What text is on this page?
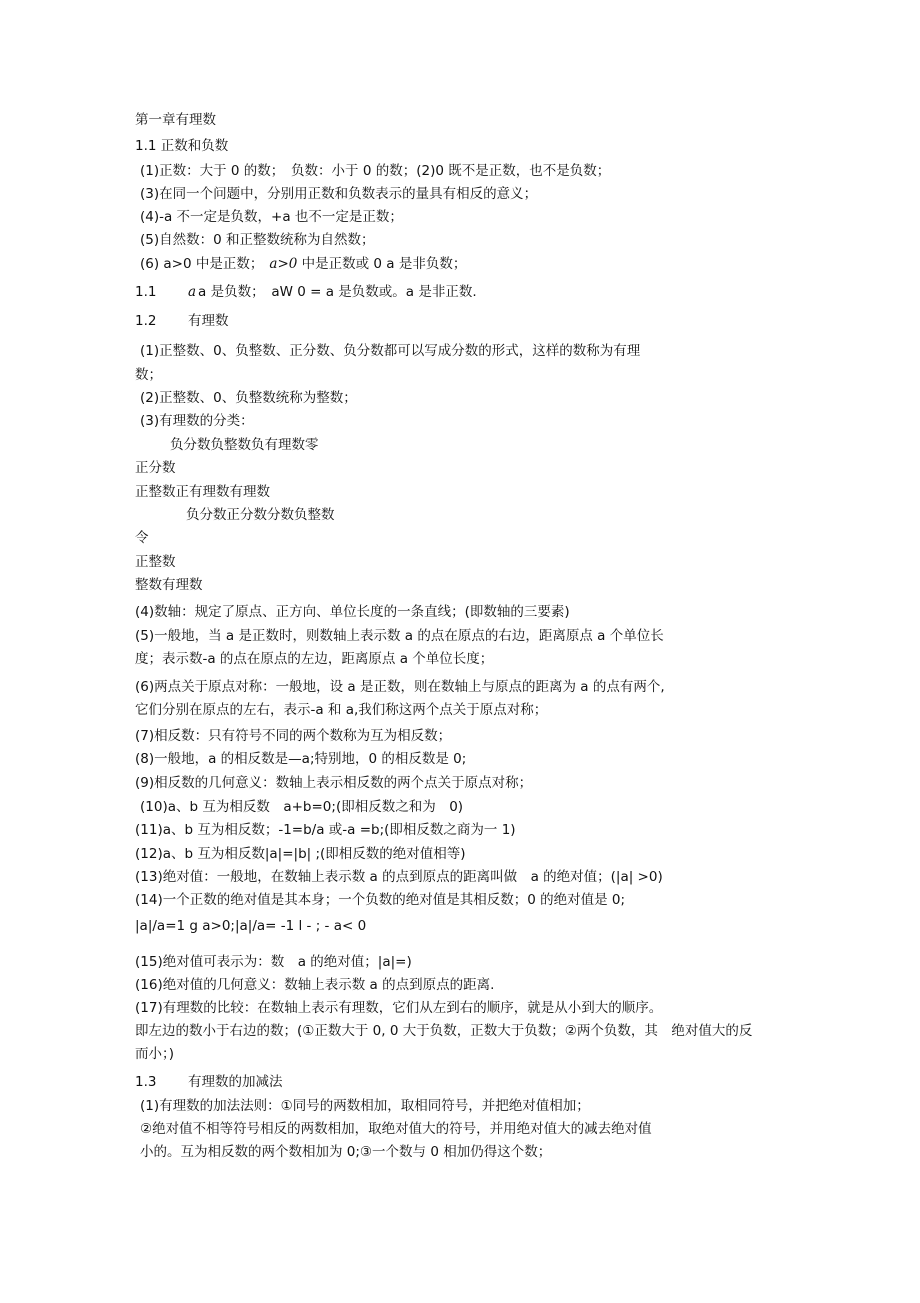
第一章有理数
1.1 正数和负数
(1)正数：大于 0 的数；　负数：小于 0 的数；(2)0 既不是正数，也不是负数；
(3)在同一个问题中，分别用正数和负数表示的量具有相反的意义；
(4)-a 不一定是负数，+a 也不一定是正数；
(5)自然数：0 和正整数统称为自然数；
(6) a>0 中是正数； a>0 中是正数或 0 a 是非负数；
1.1 a a 是负数；　aW 0 = a 是负数或。a 是非正数.
1.2 有理数
(1)正整数、0、负整数、正分数、负分数都可以写成分数的形式，这样的数称为有理
数；
(2)正整数、0、负整数统称为整数；
(3)有理数的分类：
负分数负整数负有理数零
正分数
正整数正有理数有理数
负分数正分数分数负整数
令
正整数
整数有理数
(4)数轴：规定了原点、正方向、单位长度的一条直线；(即数轴的三要素)
(5)一般地，当 a 是正数时，则数轴上表示数 a 的点在原点的右边，距离原点 a 个单位长
度；表示数-a 的点在原点的左边，距离原点 a 个单位长度；
(6)两点关于原点对称：一般地，设 a 是正数，则在数轴上与原点的距离为 a 的点有两个,
它们分别在原点的左右，表示-a 和 a,我们称这两个点关于原点对称；
(7)相反数：只有符号不同的两个数称为互为相反数；
(8)一般地，a 的相反数是—a;特别地，0 的相反数是 0;
(9)相反数的几何意义：数轴上表示相反数的两个点关于原点对称；
(10)a、b 互为相反数　a+b=0;(即相反数之和为　0)
(11)a、b 互为相反数；-1=b/a 或-a =b;(即相反数之商为一 1)
(12)a、b 互为相反数|a|=|b| ;(即相反数的绝对值相等)
(13)绝对值：一般地，在数轴上表示数 a 的点到原点的距离叫做　a 的绝对值；(|a| >0)
(14)一个正数的绝对值是其本身；一个负数的绝对值是其相反数；0 的绝对值是 0;
|a|/a=1 g a>0;|a|/a= -1 l - ; - a< 0
(15)绝对值可表示为：数　a 的绝对值；|a|=)
(16)绝对值的几何意义：数轴上表示数 a 的点到原点的距离.
(17)有理数的比较：在数轴上表示有理数，它们从左到右的顺序，就是从小到大的顺序。
即左边的数小于右边的数；(①正数大于 0, 0 大于负数，正数大于负数；②两个负数，其　绝对值大的反
而小；)
1.3 有理数的加减法
(1)有理数的加法法则：①同号的两数相加，取相同符号，并把绝对值相加；
②绝对值不相等符号相反的两数相加，取绝对值大的符号，并用绝对值大的减去绝对值
小的。互为相反数的两个数相加为 0;③一个数与 0 相加仍得这个数；
